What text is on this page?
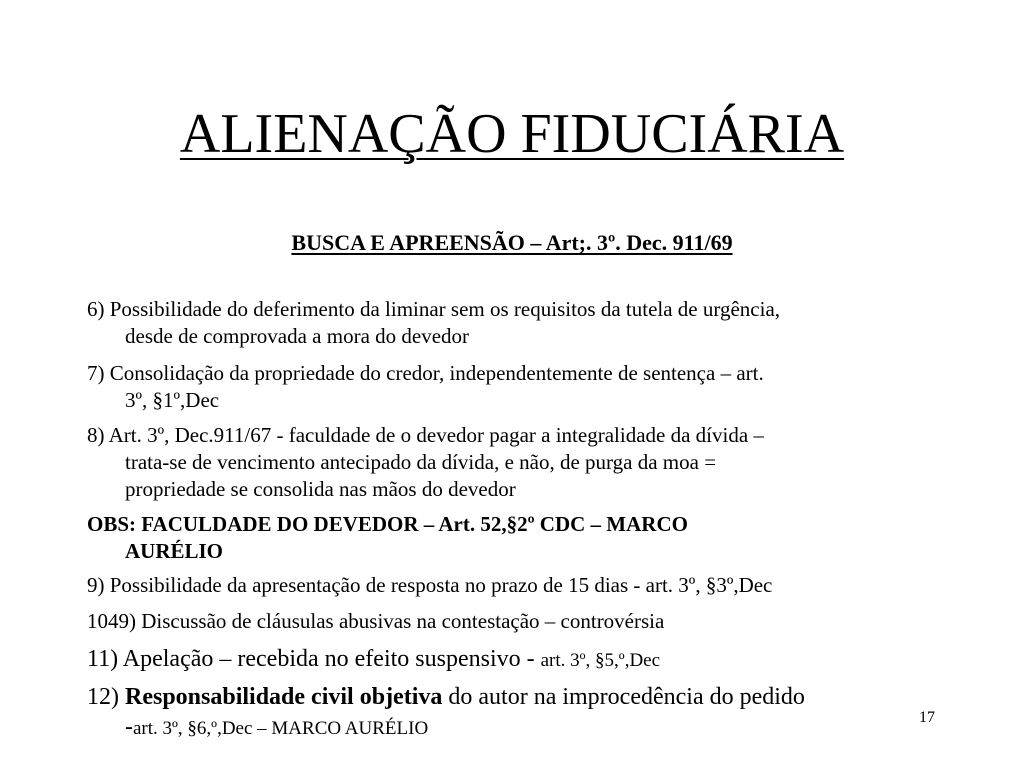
ALIENAÇÃO FIDUCIÁRIA
BUSCA E APREENSÃO – Art;. 3º. Dec. 911/69
6) Possibilidade do deferimento da liminar sem os requisitos da tutela de urgência,
desde de comprovada a mora do devedor
7) Consolidação da propriedade do credor, independentemente de sentença – art.
3º, §1º,Dec
8) Art. 3º, Dec.911/67 - faculdade de o devedor pagar a integralidade da dívida –
trata-se de vencimento antecipado da dívida, e não, de purga da moa =
propriedade se consolida nas mãos do devedor
OBS: FACULDADE DO DEVEDOR – Art. 52,§2º CDC – MARCO
AURÉLIO
9) Possibilidade da apresentação de resposta no prazo de 15 dias - art. 3º, §3º,Dec
1049) Discussão de cláusulas abusivas na contestação – controvérsia
11) Apelação – recebida no efeito suspensivo - art. 3º, §5,º,Dec
12) Responsabilidade civil objetiva do autor na improcedência do pedido
-art. 3º, §6,º,Dec – MARCO AURÉLIO
17
